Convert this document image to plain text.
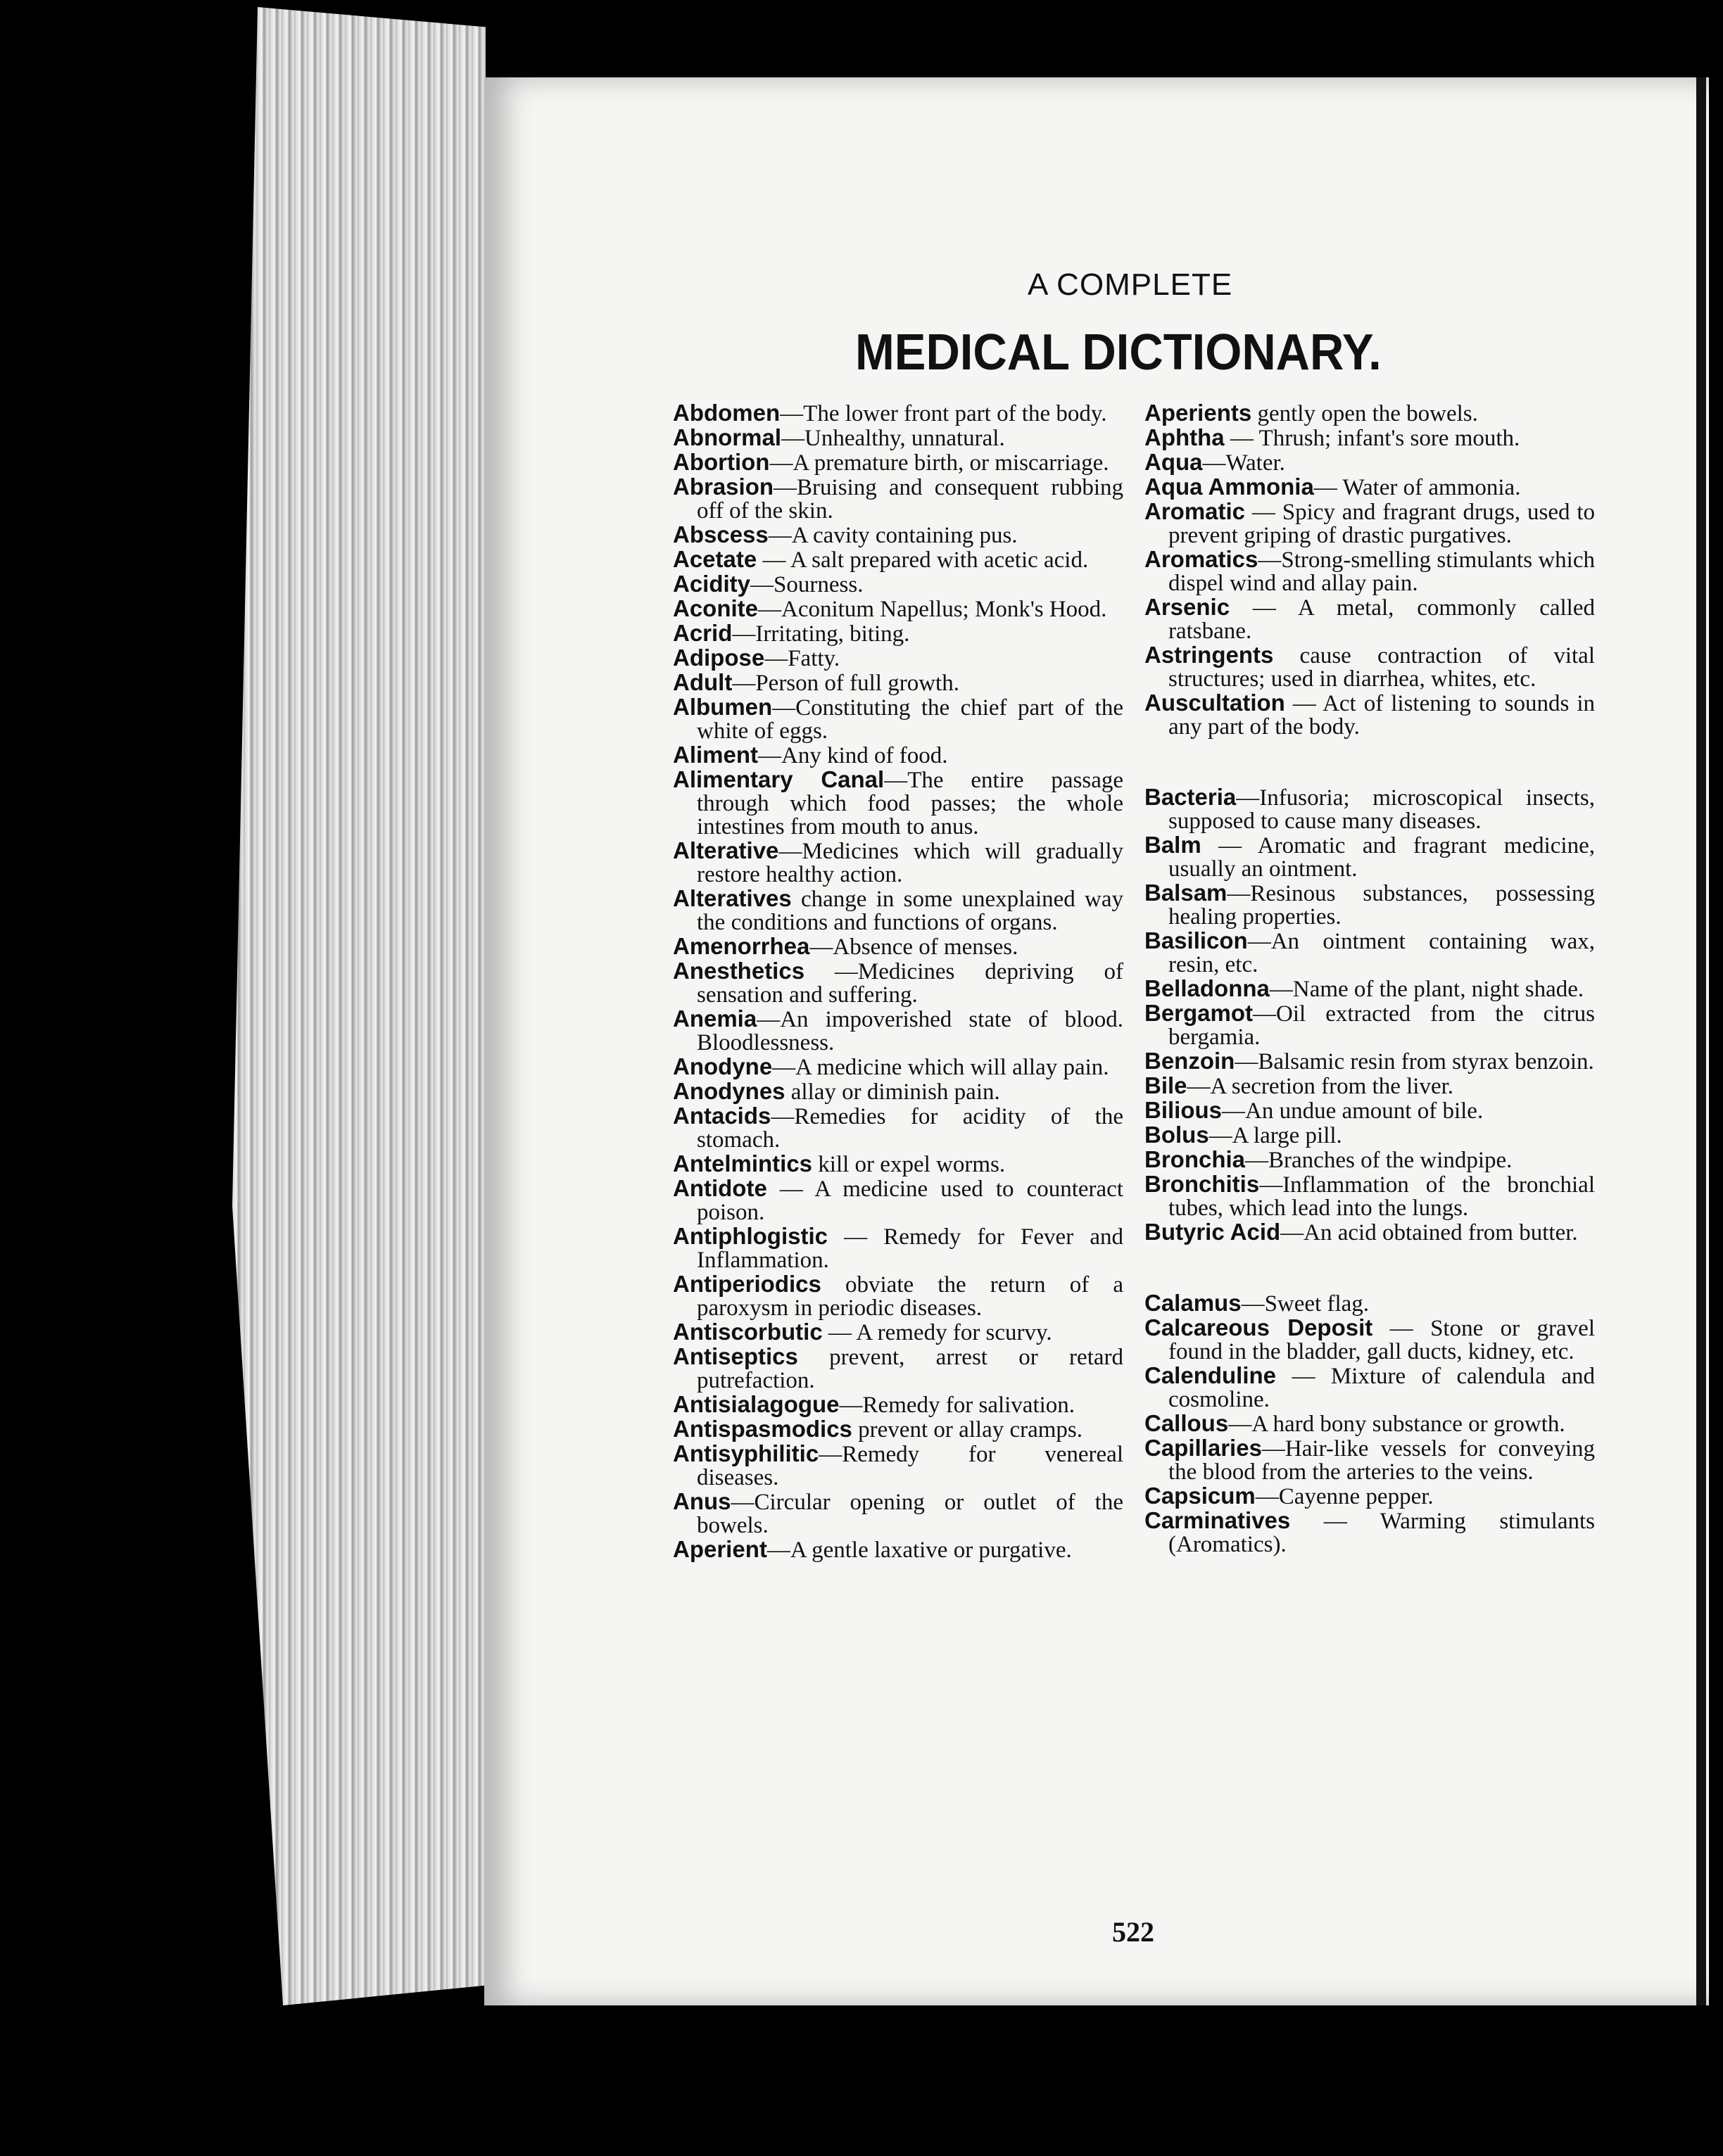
A COMPLETE
MEDICAL DICTIONARY.

Abdomen—The lower front part of the body.

Abnormal—Unhealthy, unnatural.

Abortion—A premature birth, or miscarriage.

Abrasion—Bruising and consequent rubbing off of the skin.

Abscess—A cavity containing pus.

Acetate — A salt prepared with acetic acid.

Acidity—Sourness.

Aconite—Aconitum Napellus; Monk's Hood.

Acrid—Irritating, biting.

Adipose—Fatty.

Adult—Person of full growth.

Albumen—Constituting the chief part of the white of eggs.

Aliment—Any kind of food.

Alimentary Canal—The entire passage through which food passes; the whole intestines from mouth to anus.

Alterative—Medicines which will gradually restore healthy action.

Alteratives change in some unexplained way the conditions and functions of organs.

Amenorrhea—Absence of menses.

Anesthetics —Medicines depriving of sensation and suffering.

Anemia—An impoverished state of blood. Bloodlessness.

Anodyne—A medicine which will allay pain.

Anodynes allay or diminish pain.

Antacids—Remedies for acidity of the stomach.

Antelmintics kill or expel worms.

Antidote — A medicine used to counteract poison.

Antiphlogistic — Remedy for Fever and Inflammation.

Antiperiodics obviate the return of a paroxysm in periodic diseases.

Antiscorbutic — A remedy for scurvy.

Antiseptics prevent, arrest or retard putrefaction.

Antisialagogue—Remedy for salivation.

Antispasmodics prevent or allay cramps.

Antisyphilitic—Remedy for venereal diseases.

Anus—Circular opening or outlet of the bowels.

Aperient—A gentle laxative or purgative.

Aperients gently open the bowels.

Aphtha — Thrush; infant's sore mouth.

Aqua—Water.

Aqua Ammonia— Water of ammonia.

Aromatic — Spicy and fragrant drugs, used to prevent griping of drastic purgatives.

Aromatics—Strong-smelling stimulants which dispel wind and allay pain.

Arsenic — A metal, commonly called ratsbane.

Astringents cause contraction of vital structures; used in diarrhea, whites, etc.

Auscultation — Act of listening to sounds in any part of the body.

Bacteria—Infusoria; microscopical insects, supposed to cause many diseases.

Balm — Aromatic and fragrant medicine, usually an ointment.

Balsam—Resinous substances, possessing healing properties.

Basilicon—An ointment containing wax, resin, etc.

Belladonna—Name of the plant, night shade.

Bergamot—Oil extracted from the citrus bergamia.

Benzoin—Balsamic resin from styrax benzoin.

Bile—A secretion from the liver.

Bilious—An undue amount of bile.

Bolus—A large pill.

Bronchia—Branches of the windpipe.

Bronchitis—Inflammation of the bronchial tubes, which lead into the lungs.

Butyric Acid—An acid obtained from butter.

Calamus—Sweet flag.

Calcareous Deposit — Stone or gravel found in the bladder, gall ducts, kidney, etc.

Calenduline — Mixture of calendula and cosmoline.

Callous—A hard bony substance or growth.

Capillaries—Hair-like vessels for conveying the blood from the arteries to the veins.

Capsicum—Cayenne pepper.

Carminatives — Warming stimulants (Aromatics).

522
